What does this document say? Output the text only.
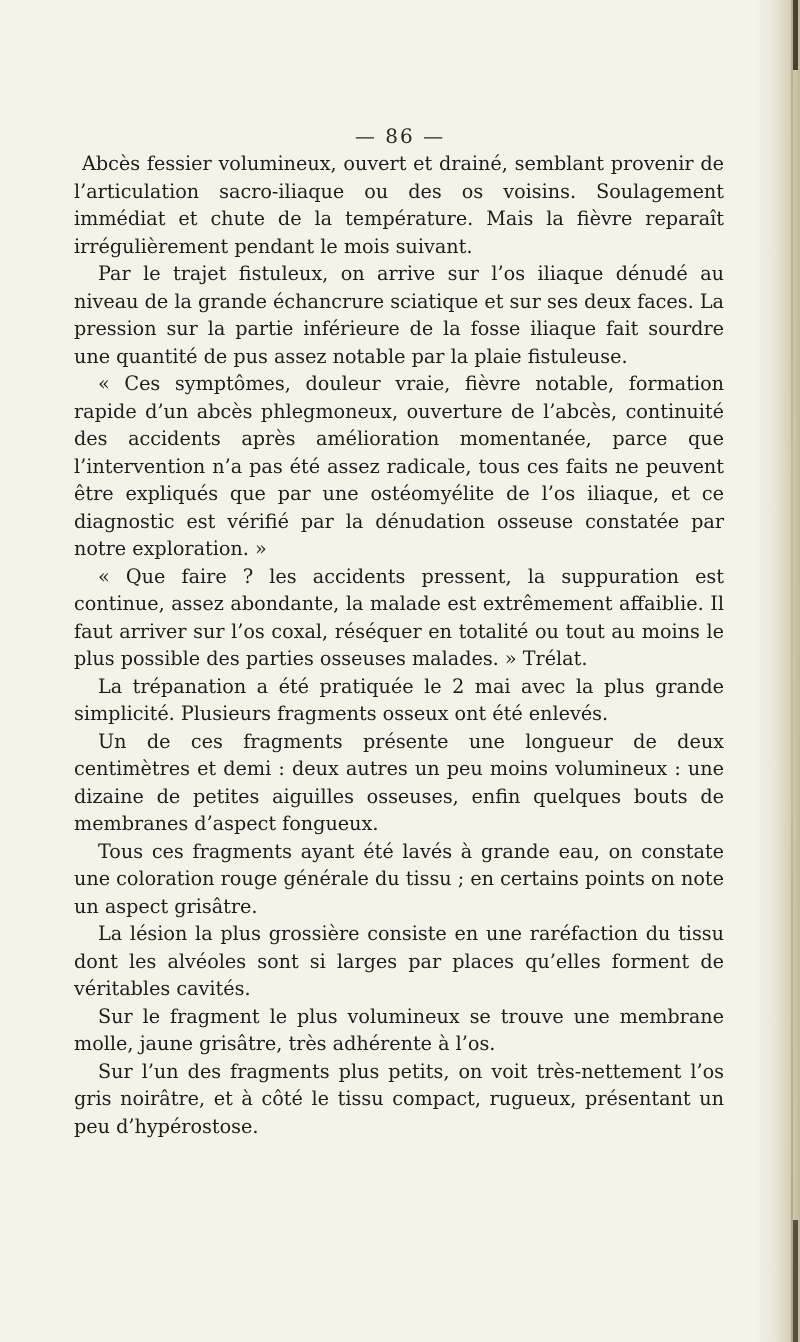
— 86 —

Abcès fessier volumineux, ouvert et drainé, semblant provenir de l’articulation sacro-iliaque ou des os voisins. Soulagement immédiat et chute de la température. Mais la fièvre reparaît irrégulièrement pendant le mois suivant.

Par le trajet fistuleux, on arrive sur l’os iliaque dénudé au niveau de la grande échancrure sciatique et sur ses deux faces. La pression sur la partie inférieure de la fosse iliaque fait sourdre une quantité de pus assez notable par la plaie fistuleuse.

« Ces symptômes, douleur vraie, fièvre notable, formation rapide d’un abcès phlegmoneux, ouverture de l’abcès, continuité des accidents après amélioration momentanée, parce que l’intervention n’a pas été assez radicale, tous ces faits ne peuvent être expliqués que par une ostéomyélite de l’os iliaque, et ce diagnostic est vérifié par la dénudation osseuse constatée par notre exploration. »

« Que faire ? les accidents pressent, la suppuration est continue, assez abondante, la malade est extrêmement affaiblie. Il faut arriver sur l’os coxal, réséquer en totalité ou tout au moins le plus possible des parties osseuses malades. » Trélat.

La trépanation a été pratiquée le 2 mai avec la plus grande simplicité. Plusieurs fragments osseux ont été enlevés.

Un de ces fragments présente une longueur de deux centimètres et demi : deux autres un peu moins volumineux : une dizaine de petites aiguilles osseuses, enfin quelques bouts de membranes d’aspect fongueux.

Tous ces fragments ayant été lavés à grande eau, on constate une coloration rouge générale du tissu ; en certains points on note un aspect grisâtre.

La lésion la plus grossière consiste en une raréfaction du tissu dont les alvéoles sont si larges par places qu’elles forment de véritables cavités.

Sur le fragment le plus volumineux se trouve une membrane molle, jaune grisâtre, très adhérente à l’os.

Sur l’un des fragments plus petits, on voit très-nettement l’os gris noirâtre, et à côté le tissu compact, rugueux, présentant un peu d’hypérostose.
